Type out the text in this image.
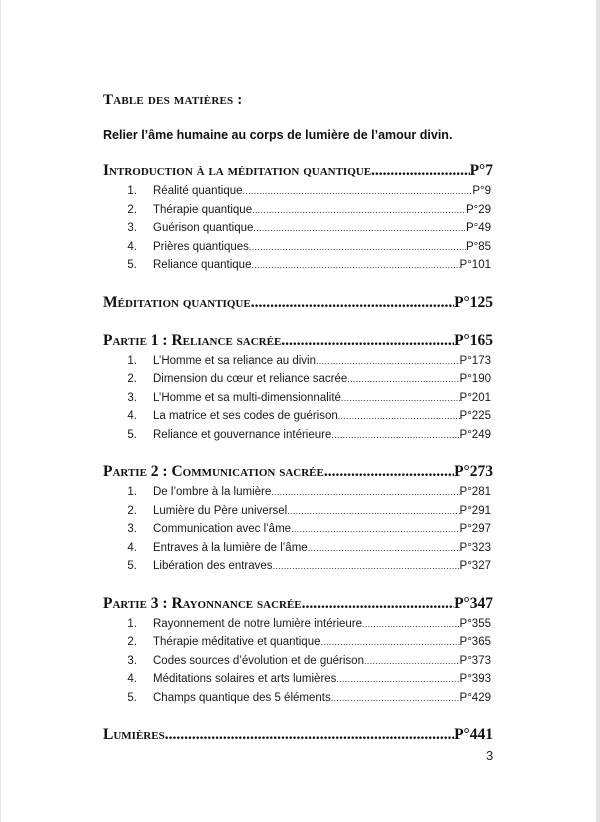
Table des matières :
Relier l’âme humaine au corps de lumière de l’amour divin.
Introduction à la méditation quantique .....	P°7
1.	Réalité quantique .....	P°9
2.	Thérapie quantique .....	P°29
3.	Guérison quantique .....	P°49
4.	Prières quantiques .....	P°85
5.	Reliance quantique .....	P°101
Méditation quantique .....	P°125
Partie 1 : Reliance sacrée .....	P°165
1.	L’Homme et sa reliance au divin .....	P°173
2.	Dimension du cœur et reliance sacrée .....	P°190
3.	L’Homme et sa multi-dimensionnalité .....	P°201
4.	La matrice et ses codes de guérison .....	P°225
5.	Reliance et gouvernance intérieure .....	P°249
Partie 2 : Communication sacrée .....	P°273
1.	De l’ombre à la lumière .....	P°281
2.	Lumière du Père universel .....	P°291
3.	Communication avec l’âme .....	P°297
4.	Entraves à la lumière de l’âme .....	P°323
5.	Libération des entraves .....	P°327
Partie 3 : Rayonnance sacrée .....	P°347
1.	Rayonnement de notre lumière intérieure .....	P°355
2.	Thérapie méditative et quantique .....	P°365
3.	Codes sources d’évolution et de guérison .....	P°373
4.	Méditations solaires et arts lumières .....	P°393
5.	Champs quantique des 5 éléments .....	P°429
Lumières .....	P°441
3
